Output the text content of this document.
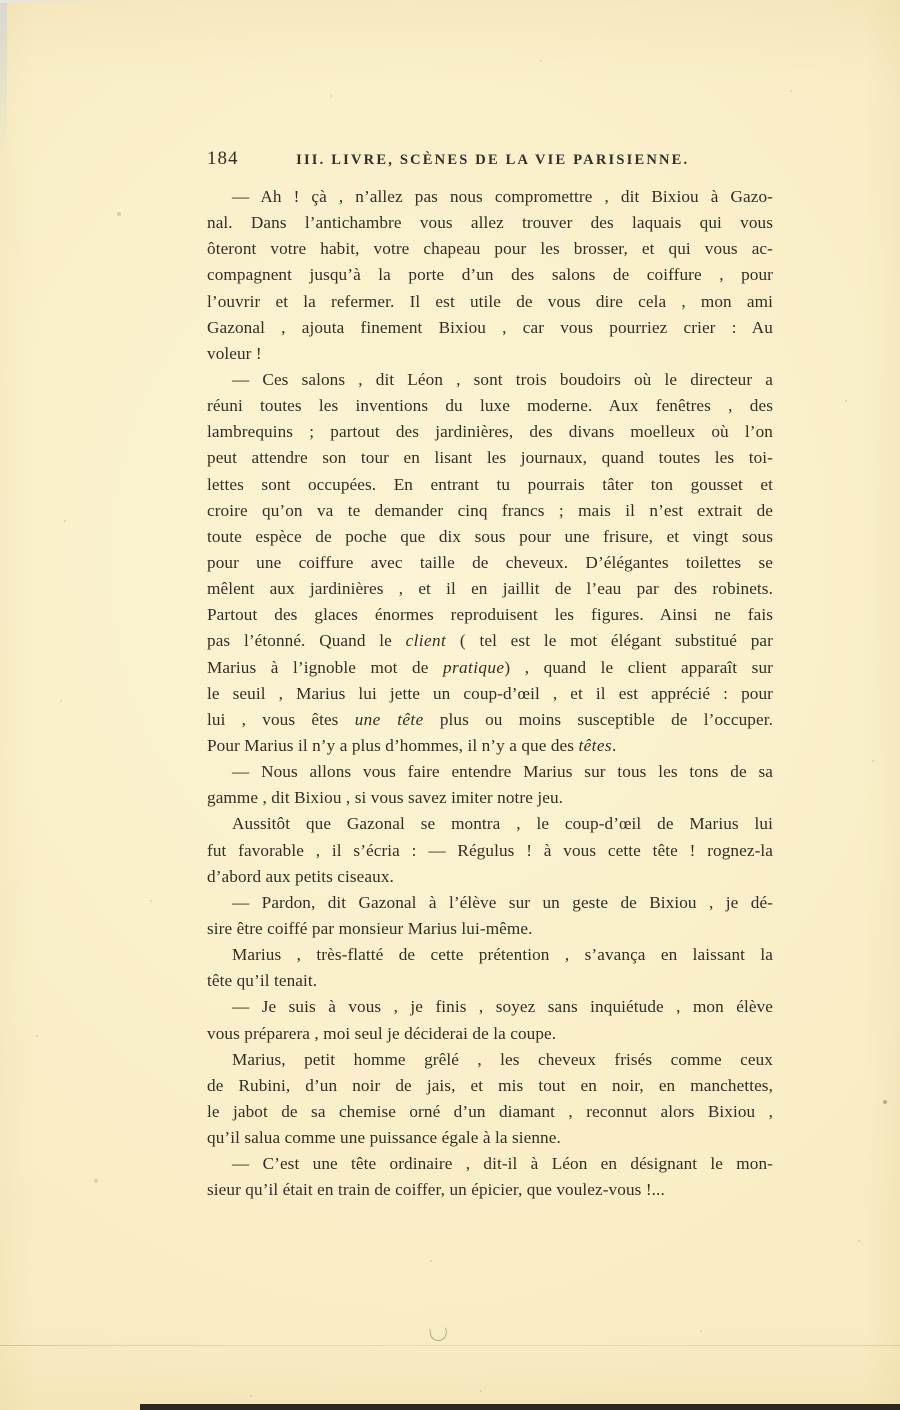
184	III. LIVRE, SCÈNES DE LA VIE PARISIENNE.
— Ah ! çà , n’allez pas nous compromettre , dit Bixiou à Gazo-
nal. Dans l’antichambre vous allez trouver des laquais qui vous
ôteront votre habit, votre chapeau pour les brosser, et qui vous ac-
compagnent jusqu’à la porte d’un des salons de coiffure , pour
l’ouvrir et la refermer. Il est utile de vous dire cela , mon ami
Gazonal , ajouta finement Bixiou , car vous pourriez crier : Au
voleur !
— Ces salons , dit Léon , sont trois boudoirs où le directeur a
réuni toutes les inventions du luxe moderne. Aux fenêtres , des
lambrequins ; partout des jardinières, des divans moelleux où l’on
peut attendre son tour en lisant les journaux, quand toutes les toi-
lettes sont occupées. En entrant tu pourrais tâter ton gousset et
croire qu’on va te demander cinq francs ; mais il n’est extrait de
toute espèce de poche que dix sous pour une frisure, et vingt sous
pour une coiffure avec taille de cheveux. D’élégantes toilettes se
mêlent aux jardinières , et il en jaillit de l’eau par des robinets.
Partout des glaces énormes reproduisent les figures. Ainsi ne fais
pas l’étonné. Quand le client ( tel est le mot élégant substitué par
Marius à l’ignoble mot de pratique) , quand le client apparaît sur
le seuil , Marius lui jette un coup-d’œil , et il est apprécié : pour
lui , vous êtes une tête plus ou moins susceptible de l’occuper.
Pour Marius il n’y a plus d’hommes, il n’y a que des têtes.
— Nous allons vous faire entendre Marius sur tous les tons de sa
gamme , dit Bixiou , si vous savez imiter notre jeu.
Aussitôt que Gazonal se montra , le coup-d’œil de Marius lui
fut favorable , il s’écria : — Régulus ! à vous cette tête ! rognez-la
d’abord aux petits ciseaux.
— Pardon, dit Gazonal à l’élève sur un geste de Bixiou , je dé-
sire être coiffé par monsieur Marius lui-même.
Marius , très-flatté de cette prétention , s’avança en laissant la
tête qu’il tenait.
— Je suis à vous , je finis , soyez sans inquiétude , mon élève
vous préparera , moi seul je déciderai de la coupe.
Marius, petit homme grêlé , les cheveux frisés comme ceux
de Rubini, d’un noir de jais, et mis tout en noir, en manchettes,
le jabot de sa chemise orné d’un diamant , reconnut alors Bixiou ,
qu’il salua comme une puissance égale à la sienne.
— C’est une tête ordinaire , dit-il à Léon en désignant le mon-
sieur qu’il était en train de coiffer, un épicier, que voulez-vous !...
